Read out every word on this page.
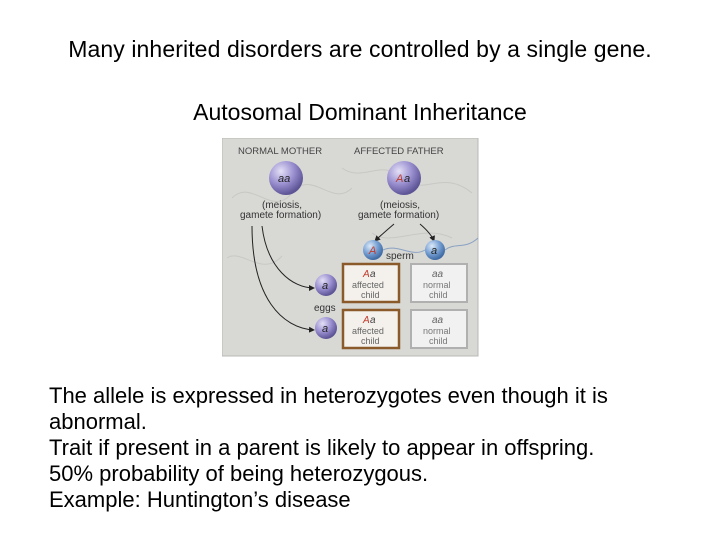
Many inherited disorders are controlled by a single gene.
Autosomal Dominant Inheritance
NORMAL MOTHER	AFFECTED FATHER
aa	A a
(meiosis,
gamete formation)
(meiosis,
gamete formation)
A	a
sperm
a
a
eggs
A a
affected
child
aa
normal
child
A a
affected
child
aa
normal
child
The allele is expressed in heterozygotes even though it is
abnormal.
Trait if present in a parent is likely to appear in offspring.
50% probability of being heterozygous.
Example: Huntington’s disease
